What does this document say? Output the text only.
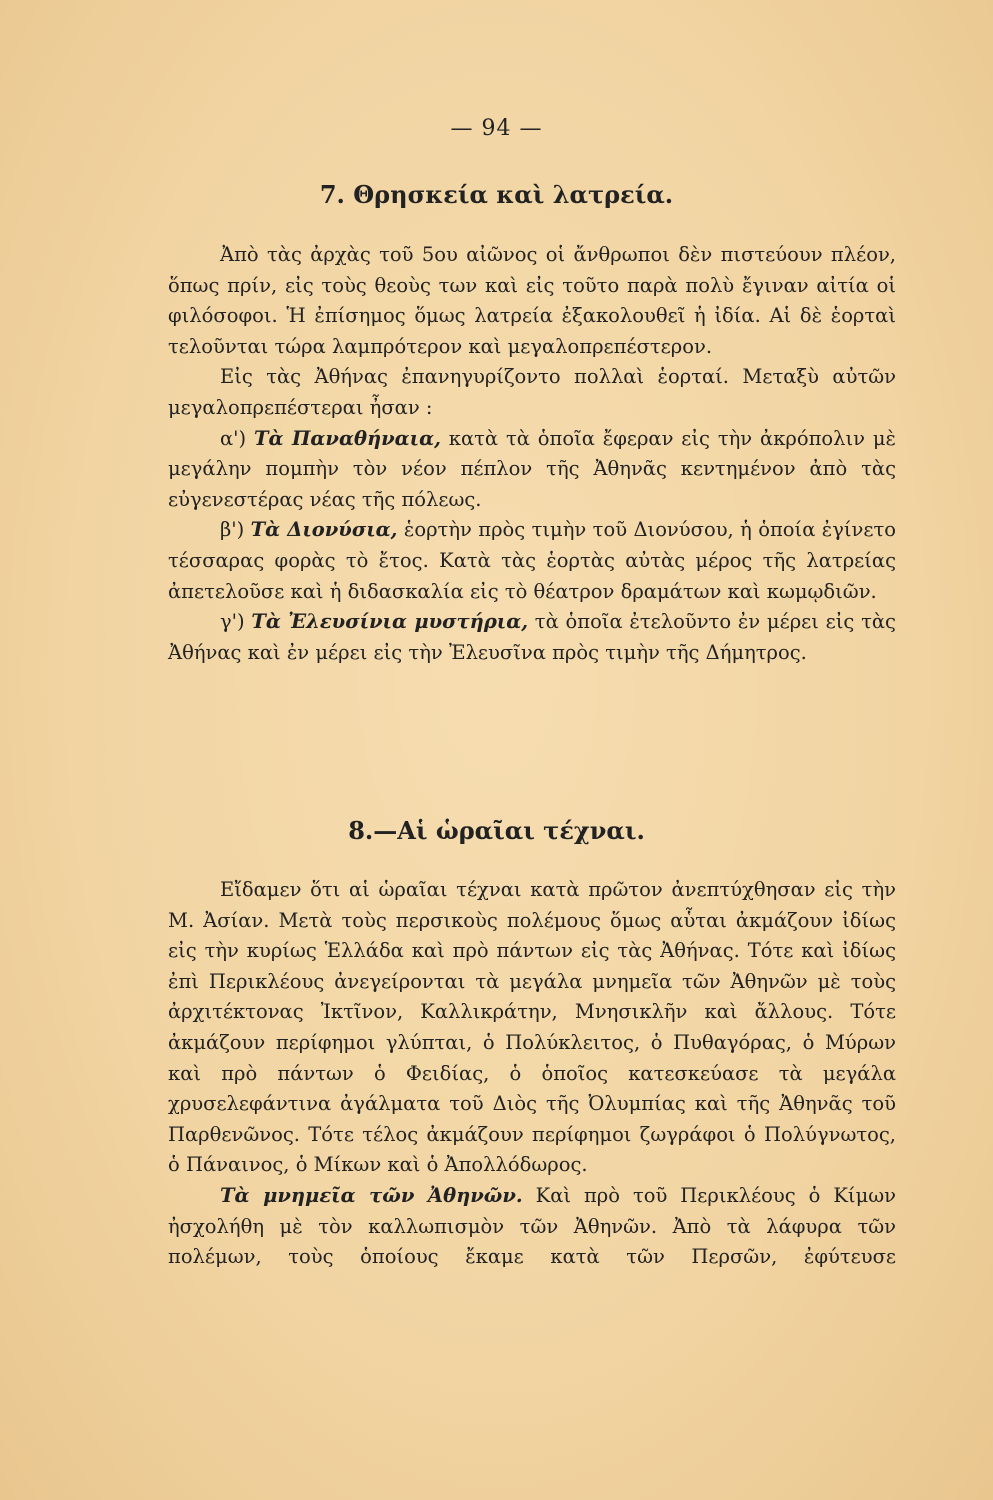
— 94 —
7. Θρησκεία καὶ λατρεία.

Ἀπὸ τὰς ἀρχὰς τοῦ 5ου αἰῶνος οἱ ἄνθρωποι δὲν πιστεύουν πλέον, ὅπως πρίν, εἰς τοὺς θεοὺς των καὶ εἰς τοῦτο παρὰ πολὺ ἔγιναν αἰτία οἱ φιλόσοφοι. Ἡ ἐπίσημος ὅμως λατρεία ἐξακολουθεῖ ἡ ἰδία. Αἱ δὲ ἑορταὶ τελοῦνται τώρα λαμπρότερον καὶ μεγαλοπρεπέστερον.

Εἰς τὰς Ἀθήνας ἐπανηγυρίζοντο πολλαὶ ἑορταί. Μεταξὺ αὐτῶν μεγαλοπρεπέστεραι ἦσαν :

α') Τὰ Παναθήναια, κατὰ τὰ ὁποῖα ἔφεραν εἰς τὴν ἀκρόπολιν μὲ μεγάλην πομπὴν τὸν νέον πέπλον τῆς Ἀθηνᾶς κεντημένον ἀπὸ τὰς εὐγενεστέρας νέας τῆς πόλεως.

β') Τὰ Διονύσια, ἑορτὴν πρὸς τιμὴν τοῦ Διονύσου, ἡ ὁποία ἐγίνετο τέσσαρας φορὰς τὸ ἔτος. Κατὰ τὰς ἑορτὰς αὐτὰς μέρος τῆς λατρείας ἀπετελοῦσε καὶ ἡ διδασκαλία εἰς τὸ θέατρον δραμάτων καὶ κωμῳδιῶν.

γ') Τὰ Ἐλευσίνια μυστήρια, τὰ ὁποῖα ἐτελοῦντο ἐν μέρει εἰς τὰς Ἀθήνας καὶ ἐν μέρει εἰς τὴν Ἐλευσῖνα πρὸς τιμὴν τῆς Δήμητρος.

8.—Αἱ ὡραῖαι τέχναι.

Εἴδαμεν ὅτι αἱ ὡραῖαι τέχναι κατὰ πρῶτον ἀνεπτύχθησαν εἰς τὴν Μ. Ἀσίαν. Μετὰ τοὺς περσικοὺς πολέμους ὅμως αὗται ἀκμάζουν ἰδίως εἰς τὴν κυρίως Ἑλλάδα καὶ πρὸ πάντων εἰς τὰς Ἀθήνας. Τότε καὶ ἰδίως ἐπὶ Περικλέους ἀνεγείρονται τὰ μεγάλα μνημεῖα τῶν Ἀθηνῶν μὲ τοὺς ἀρχιτέκτονας Ἰκτῖνον, Καλλικράτην, Μνησικλῆν καὶ ἄλλους. Τότε ἀκμάζουν περίφημοι γλύπται, ὁ Πολύκλειτος, ὁ Πυθαγόρας, ὁ Μύρων καὶ πρὸ πάντων ὁ Φειδίας, ὁ ὁποῖος κατεσκεύασε τὰ μεγάλα χρυσελεφάντινα ἀγάλματα τοῦ Διὸς τῆς Ὀλυμπίας καὶ τῆς Ἀθηνᾶς τοῦ Παρθενῶνος. Τότε τέλος ἀκμάζουν περίφημοι ζωγράφοι ὁ Πολύγνωτος, ὁ Πάναινος, ὁ Μίκων καὶ ὁ Ἀπολλόδωρος.

Τὰ μνημεῖα τῶν Ἀθηνῶν. Καὶ πρὸ τοῦ Περικλέους ὁ Κίμων ἠσχολήθη μὲ τὸν καλλωπισμὸν τῶν Ἀθηνῶν. Ἀπὸ τὰ λάφυρα τῶν πολέμων, τοὺς ὁποίους ἔκαμε κατὰ τῶν Περσῶν, ἐφύτευσε
